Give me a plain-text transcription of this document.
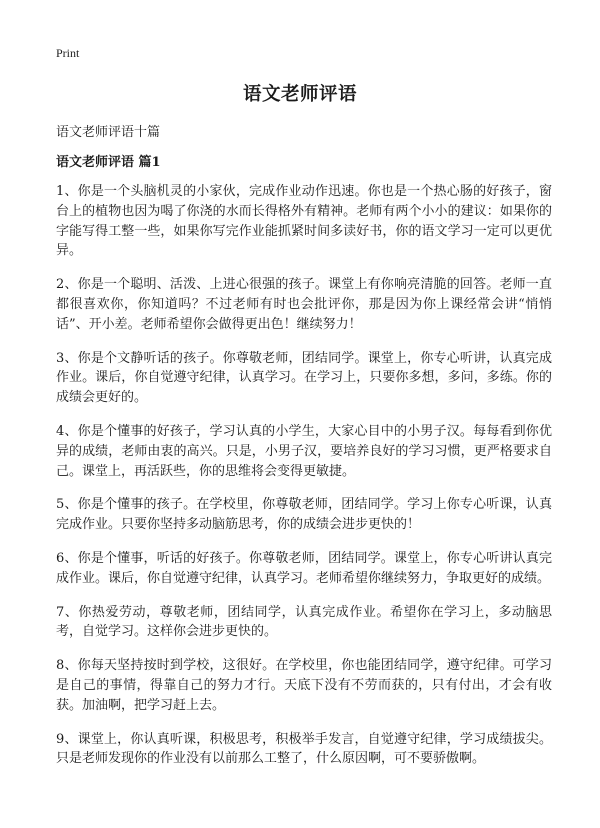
Print
语文老师评语

语文老师评语十篇

语文老师评语 篇1

1、你是一个头脑机灵的小家伙，完成作业动作迅速。你也是一个热心肠的好孩子，窗台上的植物也因为喝了你浇的水而长得格外有精神。老师有两个小小的建议：如果你的字能写得工整一些，如果你写完作业能抓紧时间多读好书，你的语文学习一定可以更优异。

2、你是一个聪明、活泼、上进心很强的孩子。课堂上有你响亮清脆的回答。老师一直都很喜欢你，你知道吗？不过老师有时也会批评你，那是因为你上课经常会讲“悄悄话”、开小差。老师希望你会做得更出色！继续努力！

3、你是个文静听话的孩子。你尊敬老师，团结同学。课堂上，你专心听讲，认真完成作业。课后，你自觉遵守纪律，认真学习。在学习上，只要你多想，多问，多练。你的成绩会更好的。

4、你是个懂事的好孩子，学习认真的小学生，大家心目中的小男子汉。每每看到你优异的成绩，老师由衷的高兴。只是，小男子汉，要培养良好的学习习惯，更严格要求自己。课堂上，再活跃些，你的思维将会变得更敏捷。

5、你是个懂事的孩子。在学校里，你尊敬老师，团结同学。学习上你专心听课，认真完成作业。只要你坚持多动脑筋思考，你的成绩会进步更快的！

6、你是个懂事，听话的好孩子。你尊敬老师，团结同学。课堂上，你专心听讲认真完成作业。课后，你自觉遵守纪律，认真学习。老师希望你继续努力，争取更好的成绩。

7、你热爱劳动，尊敬老师，团结同学，认真完成作业。希望你在学习上，多动脑思考，自觉学习。这样你会进步更快的。

8、你每天坚持按时到学校，这很好。在学校里，你也能团结同学，遵守纪律。可学习是自己的事情，得靠自己的努力才行。天底下没有不劳而获的，只有付出，才会有收获。加油啊，把学习赶上去。

9、课堂上，你认真听课，积极思考，积极举手发言，自觉遵守纪律，学习成绩拔尖。只是老师发现你的作业没有以前那么工整了，什么原因啊，可不要骄傲啊。
